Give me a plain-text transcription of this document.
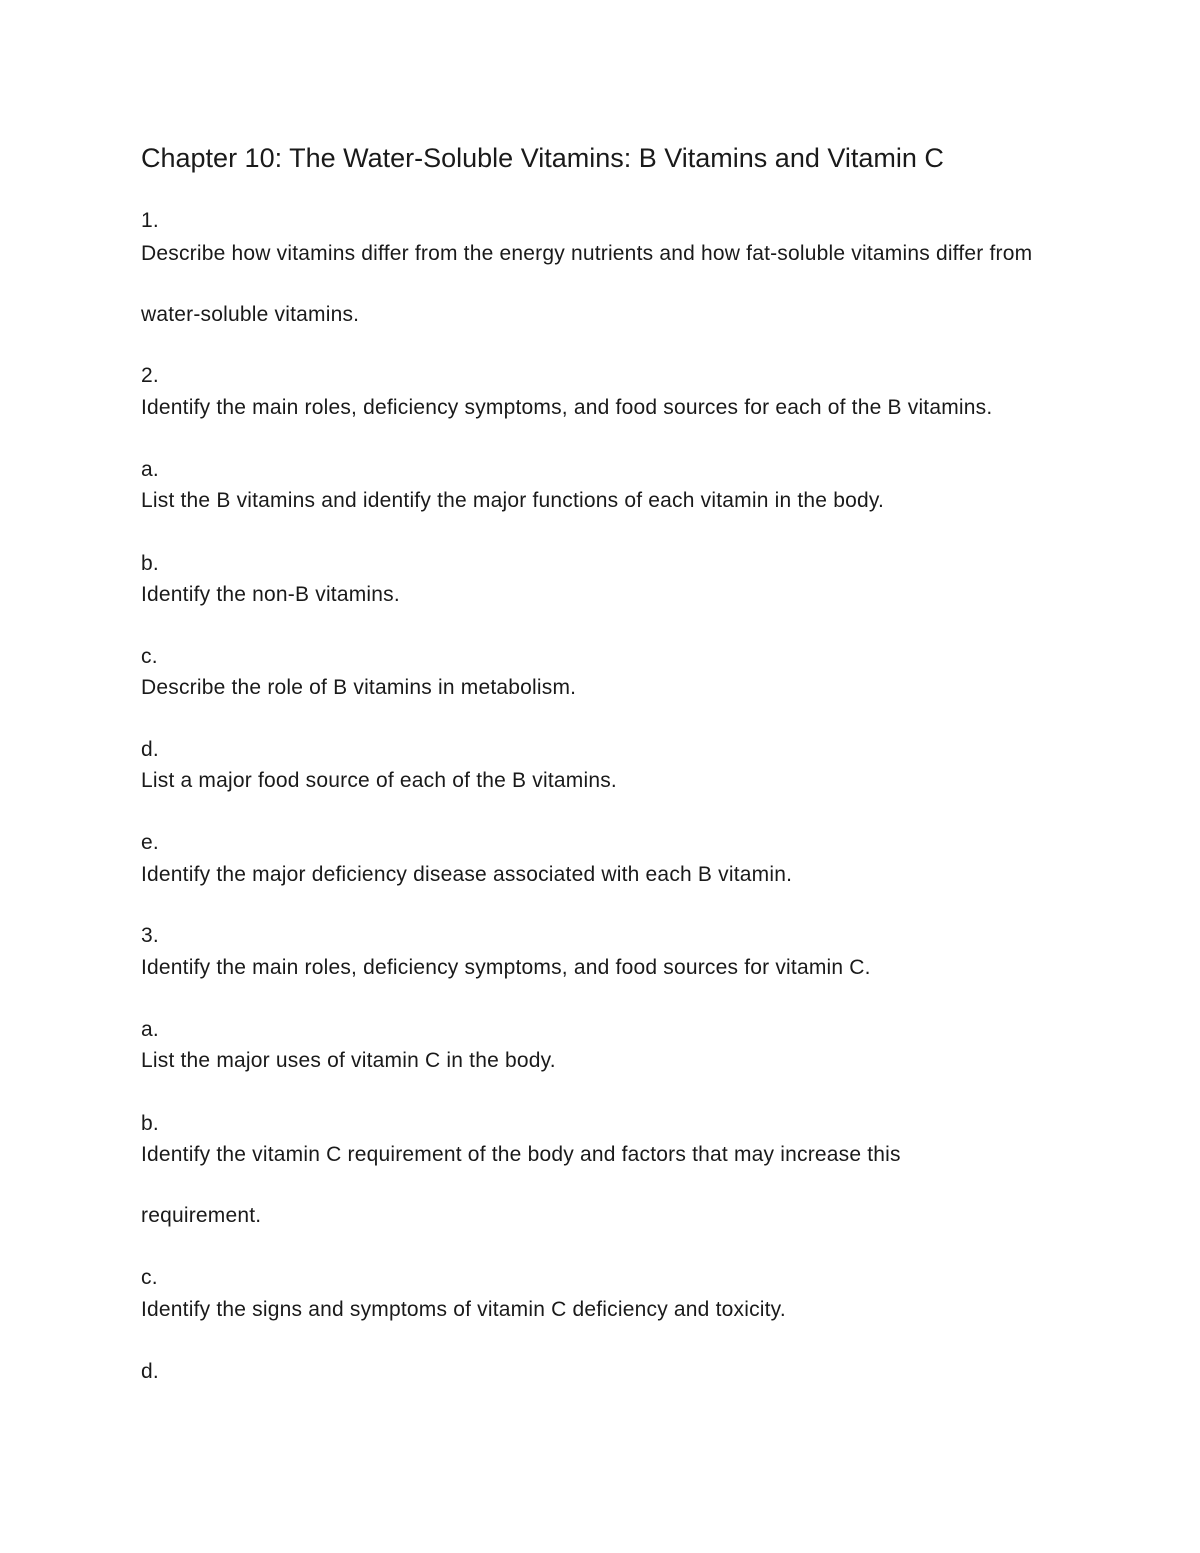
Chapter 10: The Water-Soluble Vitamins: B Vitamins and Vitamin C
1.
Describe how vitamins differ from the energy nutrients and how fat-soluble vitamins differ from
water-soluble vitamins.
2.
Identify the main roles, deficiency symptoms, and food sources for each of the B vitamins.
a.
List the B vitamins and identify the major functions of each vitamin in the body.
b.
Identify the non-B vitamins.
c.
Describe the role of B vitamins in metabolism.
d.
List a major food source of each of the B vitamins.
e.
Identify the major deficiency disease associated with each B vitamin.
3.
Identify the main roles, deficiency symptoms, and food sources for vitamin C.
a.
List the major uses of vitamin C in the body.
b.
Identify the vitamin C requirement of the body and factors that may increase this
requirement.
c.
Identify the signs and symptoms of vitamin C deficiency and toxicity.
d.
